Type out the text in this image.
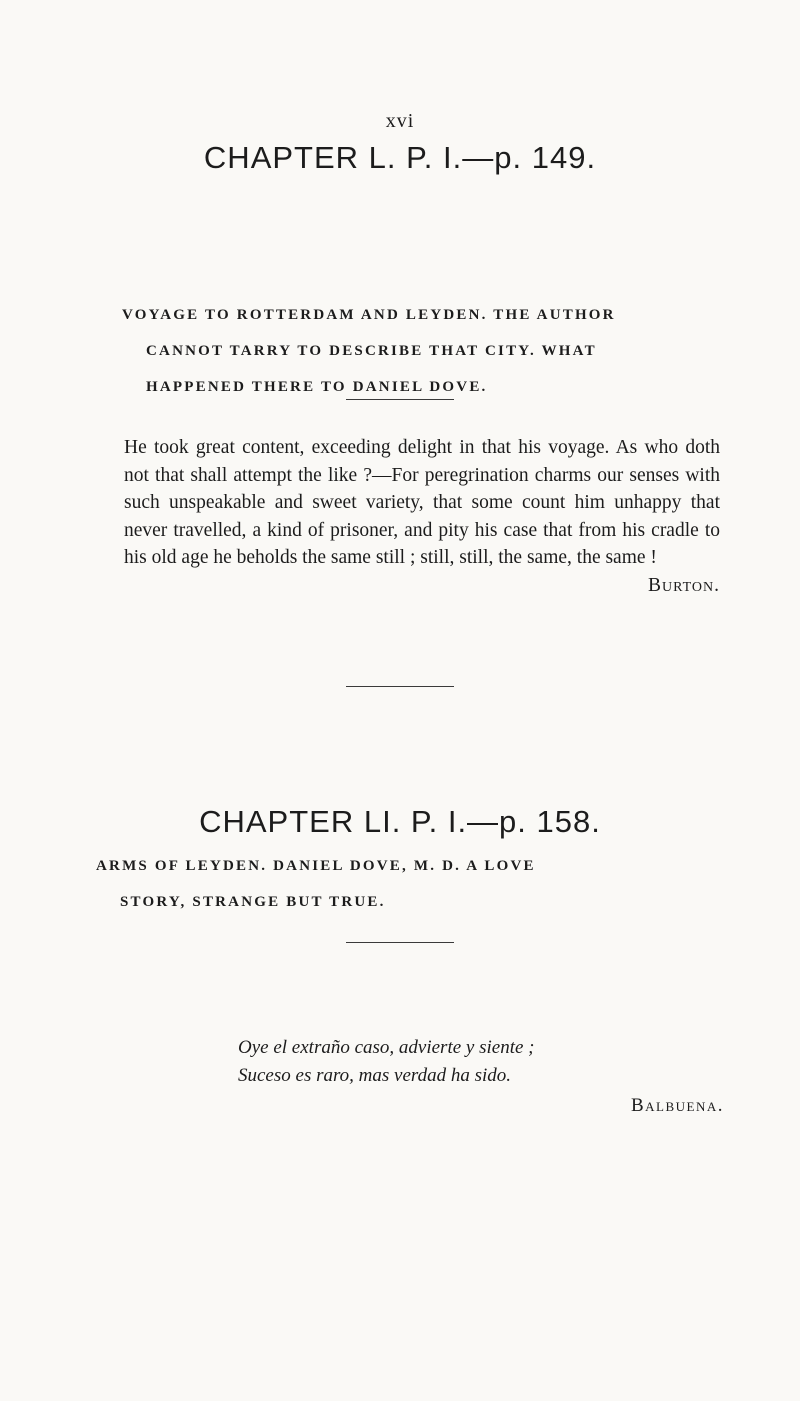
xvi
CHAPTER L. P. I.—p. 149.
VOYAGE TO ROTTERDAM AND LEYDEN. THE AUTHOR
CANNOT TARRY TO DESCRIBE THAT CITY. WHAT
HAPPENED THERE TO DANIEL DOVE.
He took great content, exceeding delight in that his voyage. As who doth not that shall attempt the like ?—For peregrination charms our senses with such unspeakable and sweet variety, that some count him unhappy that never travelled, a kind of prisoner, and pity his case that from his cradle to his old age he beholds the same still ; still, still, the same, the same !
Burton.
CHAPTER LI. P. I.—p. 158.
ARMS OF LEYDEN. DANIEL DOVE, M. D. A LOVE
STORY, STRANGE BUT TRUE.
Oye el extraño caso, advierte y siente ;
Suceso es raro, mas verdad ha sido.
Balbuena.
